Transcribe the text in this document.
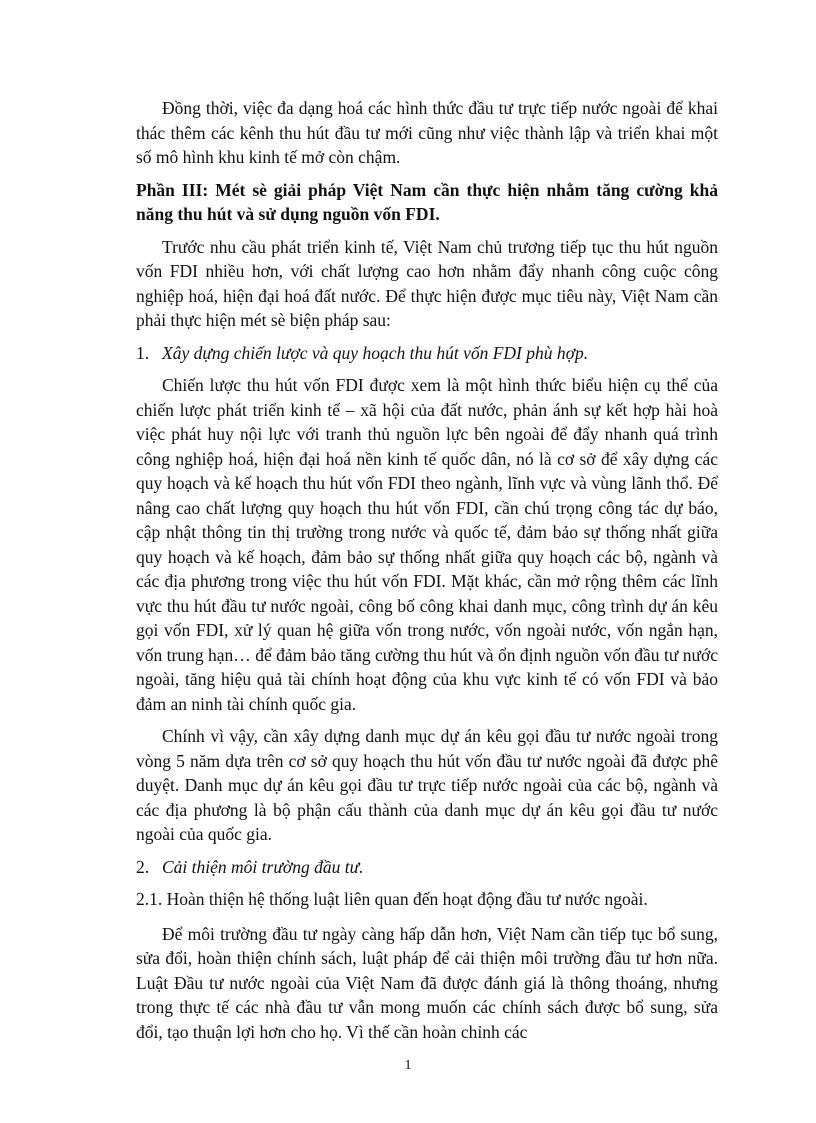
Đồng thời, việc đa dạng hoá các hình thức đầu tư trực tiếp nước ngoài để khai thác thêm các kênh thu hút đầu tư mới cũng như việc thành lập và triển khai một số mô hình khu kinh tế mở còn chậm.

Phần III: Mét sè giải pháp Việt Nam cần thực hiện nhằm tăng cường khả năng thu hút và sử dụng nguồn vốn FDI.

Trước nhu cầu phát triển kinh tế, Việt Nam chủ trương tiếp tục thu hút nguồn vốn FDI nhiều hơn, với chất lượng cao hơn nhằm đẩy nhanh công cuộc công nghiệp hoá, hiện đại hoá đất nước. Để thực hiện được mục tiêu này, Việt Nam cần phải thực hiện mét sè biện pháp sau:

1. Xây dựng chiến lược và quy hoạch thu hút vốn FDI phù hợp.

Chiến lược thu hút vốn FDI được xem là một hình thức biểu hiện cụ thể của chiến lược phát triển kinh tế – xã hội của đất nước, phản ánh sự kết hợp hài hoà việc phát huy nội lực với tranh thủ nguồn lực bên ngoài để đẩy nhanh quá trình công nghiệp hoá, hiện đại hoá nền kinh tế quốc dân, nó là cơ sở để xây dựng các quy hoạch và kế hoạch thu hút vốn FDI theo ngành, lĩnh vực và vùng lãnh thổ. Để nâng cao chất lượng quy hoạch thu hút vốn FDI, cần chú trọng công tác dự báo, cập nhật thông tin thị trường trong nước và quốc tế, đảm bảo sự thống nhất giữa quy hoạch và kế hoạch, đảm bảo sự thống nhất giữa quy hoạch các bộ, ngành và các địa phương trong việc thu hút vốn FDI. Mặt khác, cần mở rộng thêm các lĩnh vực thu hút đầu tư nước ngoài, công bố công khai danh mục, công trình dự án kêu gọi vốn FDI, xử lý quan hệ giữa vốn trong nước, vốn ngoài nước, vốn ngắn hạn, vốn trung hạn… để đảm bảo tăng cường thu hút và ổn định nguồn vốn đầu tư nước ngoài, tăng hiệu quả tài chính hoạt động của khu vực kinh tế có vốn FDI và bảo đảm an ninh tài chính quốc gia.

Chính vì vậy, cần xây dựng danh mục dự án kêu gọi đầu tư nước ngoài trong vòng 5 năm dựa trên cơ sở quy hoạch thu hút vốn đầu tư nước ngoài đã được phê duyệt. Danh mục dự án kêu gọi đầu tư trực tiếp nước ngoài của các bộ, ngành và các địa phương là bộ phận cấu thành của danh mục dự án kêu gọi đầu tư nước ngoài của quốc gia.

2. Cải thiện môi trường đầu tư.

2.1. Hoàn thiện hệ thống luật liên quan đến hoạt động đầu tư nước ngoài.

Để môi trường đầu tư ngày càng hấp dẫn hơn, Việt Nam cần tiếp tục bổ sung, sửa đổi, hoàn thiện chính sách, luật pháp để cải thiện môi trường đầu tư hơn nữa. Luật Đầu tư nước ngoài của Việt Nam đã được đánh giá là thông thoáng, nhưng trong thực tế các nhà đầu tư vẫn mong muốn các chính sách được bổ sung, sửa đổi, tạo thuận lợi hơn cho họ. Vì thế cần hoàn chỉnh các

1
